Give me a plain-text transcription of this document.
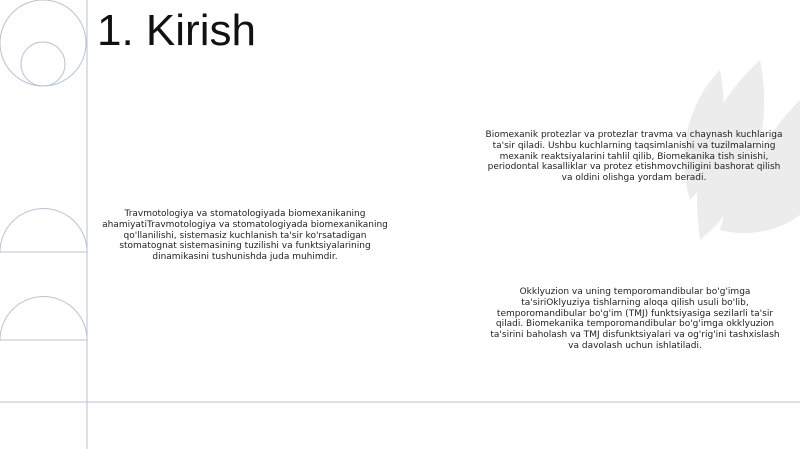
1. Kirish

Travmotologiya va stomatologiyada biomexanikaning ahamiyatiTravmotologiya va stomatologiyada biomexanikaning qo'llanilishi, sistemasiz kuchlanish ta'sir ko'rsatadigan stomatognat sistemasining tuzilishi va funktsiyalarining dinamikasini tushunishda juda muhimdir.

Biomexanik protezlar va protezlar travma va chaynash kuchlariga ta'sir qiladi. Ushbu kuchlarning taqsimlanishi va tuzilmalarning mexanik reaktsiyalarini tahlil qilib, Biomekanika tish sinishi, periodontal kasalliklar va protez etishmovchiligini bashorat qilish va oldini olishga yordam beradi.

Okklyuzion va uning temporomandibular bo'g'imga ta'siriOklyuziya tishlarning aloqa qilish usuli bo'lib, temporomandibular bo'g'im (TMJ) funktsiyasiga sezilarli ta'sir qiladi. Biomekanika temporomandibular bo'g'imga okklyuzion ta'sirini baholash va TMJ disfunktsiyalari va og'rig'ini tashxislash va davolash uchun ishlatiladi.
